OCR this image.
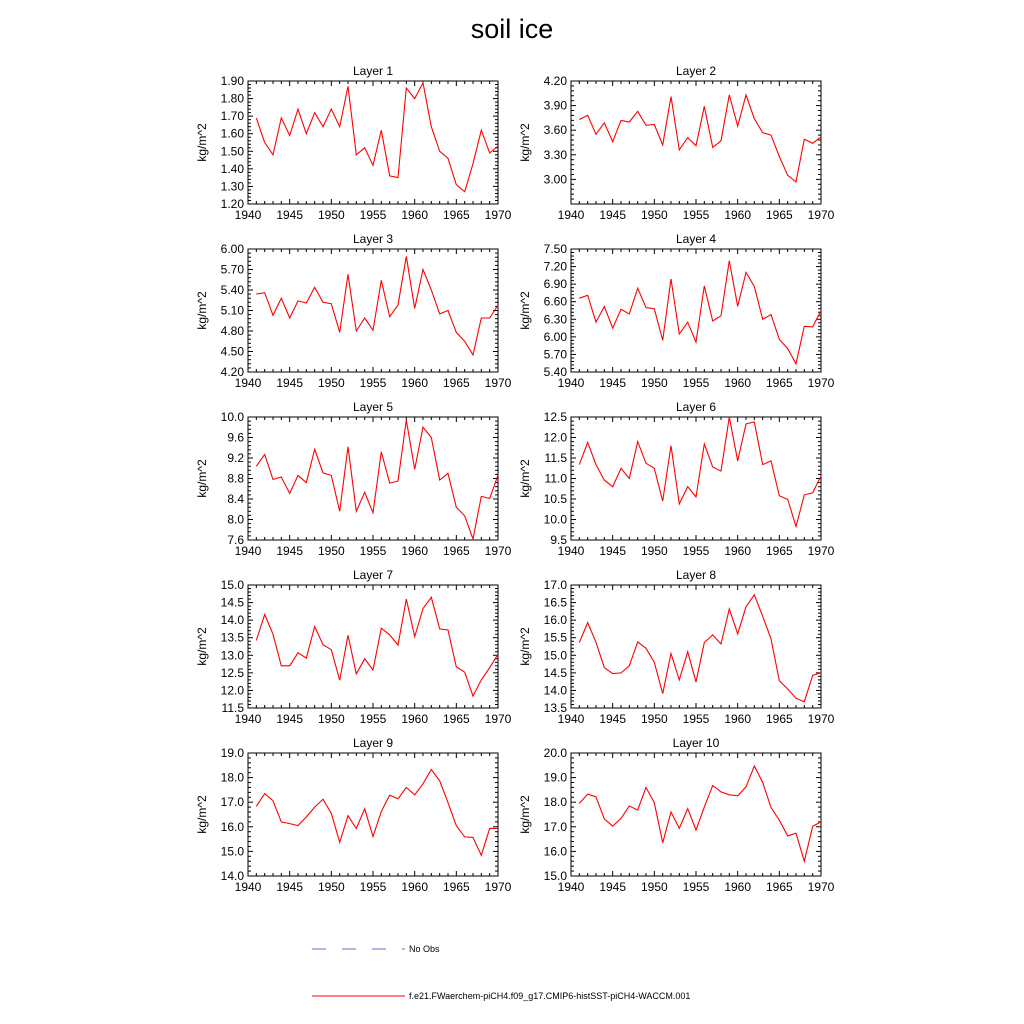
soil ice
Layer 1
kg/m^2
1940 1945 1950 1955 1960 1965 1970
1.20
1.30
1.40
1.50
1.60
1.70
1.80
1.90
Layer 2
kg/m^2
1940 1945 1950 1955 1960 1965 1970
3.00
3.30
3.60
3.90
4.20
Layer 3
kg/m^2
1940 1945 1950 1955 1960 1965 1970
4.20
4.50
4.80
5.10
5.40
5.70
6.00
Layer 4
kg/m^2
1940 1945 1950 1955 1960 1965 1970
5.40
5.70
6.00
6.30
6.60
6.90
7.20
7.50
Layer 5
kg/m^2
1940 1945 1950 1955 1960 1965 1970
7.6
8.0
8.4
8.8
9.2
9.6
10.0
Layer 6
kg/m^2
1940 1945 1950 1955 1960 1965 1970
9.5
10.0
10.5
11.0
11.5
12.0
12.5
Layer 7
kg/m^2
1940 1945 1950 1955 1960 1965 1970
11.5
12.0
12.5
13.0
13.5
14.0
14.5
15.0
Layer 8
kg/m^2
1940 1945 1950 1955 1960 1965 1970
13.5
14.0
14.5
15.0
15.5
16.0
16.5
17.0
Layer 9
kg/m^2
1940 1945 1950 1955 1960 1965 1970
14.0
15.0
16.0
17.0
18.0
19.0
Layer 10
kg/m^2
1940 1945 1950 1955 1960 1965 1970
15.0
16.0
17.0
18.0
19.0
20.0
No Obs
f.e21.FWaerchem-piCH4.f09_g17.CMIP6-histSST-piCH4-WACCM.001
